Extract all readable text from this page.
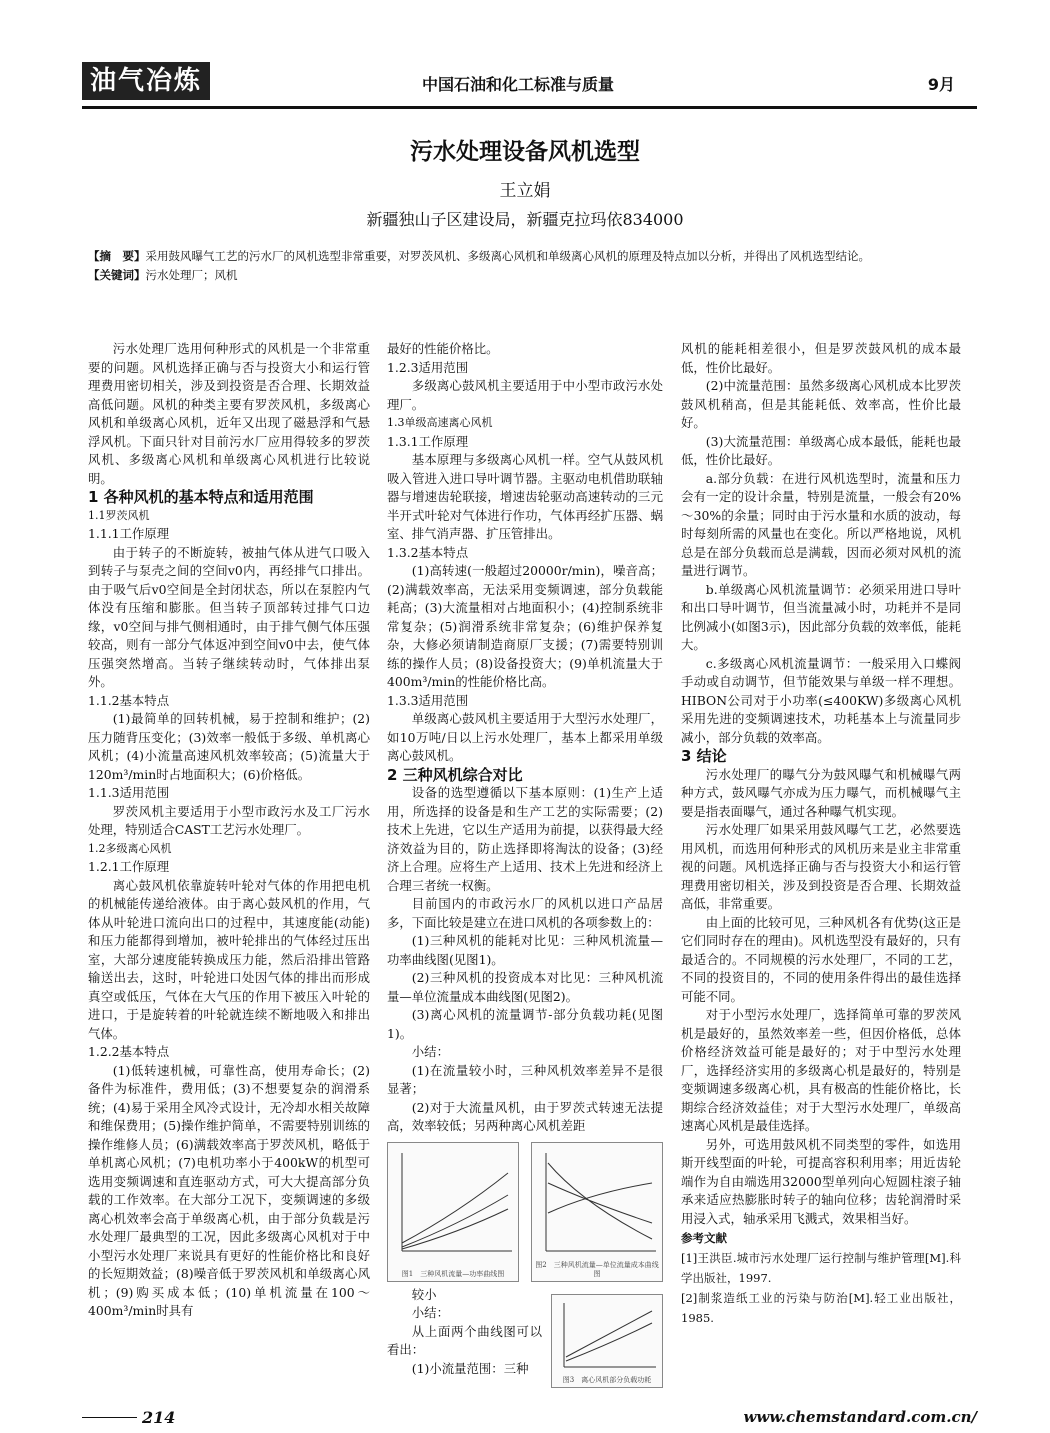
油气冶炼	中国石油和化工标准与质量	9月
污水处理设备风机选型
王立娟
新疆独山子区建设局，新疆克拉玛依834000
【摘　要】采用鼓风曝气工艺的污水厂的风机选型非常重要，对罗茨风机、多级离心风机和单级离心风机的原理及特点加以分析，并得出了风机选型结论。
【关键词】污水处理厂；风机

污水处理厂选用何种形式的风机是一个非常重要的问题。风机选择正确与否与投资大小和运行管理费用密切相关，涉及到投资是否合理、长期效益高低问题。风机的种类主要有罗茨风机，多级离心风机和单级离心风机，近年又出现了磁悬浮和气悬浮风机。下面只针对目前污水厂应用得较多的罗茨风机、多级离心风机和单级离心风机进行比较说明。

1 各种风机的基本特点和适用范围

1.1罗茨风机

1.1.1工作原理

由于转子的不断旋转，被抽气体从进气口吸入到转子与泵壳之间的空间v0内，再经排气口排出。由于吸气后v0空间是全封闭状态，所以在泵腔内气体没有压缩和膨胀。但当转子顶部转过排气口边缘，v0空间与排气侧相通时，由于排气侧气体压强较高，则有一部分气体返冲到空间v0中去，使气体压强突然增高。当转子继续转动时，气体排出泵外。

1.1.2基本特点

(1)最简单的回转机械，易于控制和维护；(2)压力随背压变化；(3)效率一般低于多级、单机离心风机；(4)小流量高速风机效率较高；(5)流量大于120m³/min时占地面积大；(6)价格低。

1.1.3适用范围

罗茨风机主要适用于小型市政污水及工厂污水处理，特别适合CAST工艺污水处理厂。

1.2多级离心风机

1.2.1工作原理

离心鼓风机依靠旋转叶轮对气体的作用把电机的机械能传递给液体。由于离心鼓风机的作用，气体从叶轮进口流向出口的过程中，其速度能(动能)和压力能都得到增加，被叶轮排出的气体经过压出室，大部分速度能转换成压力能，然后沿排出管路输送出去，这时，叶轮进口处因气体的排出而形成真空或低压，气体在大气压的作用下被压入叶轮的进口，于是旋转着的叶轮就连续不断地吸入和排出气体。

1.2.2基本特点

(1)低转速机械，可靠性高，使用寿命长；(2)备件为标准件，费用低；(3)不想要复杂的润滑系统；(4)易于采用全风冷式设计，无冷却水相关故障和维保费用；(5)操作维护简单，不需要特别训练的操作维修人员；(6)满载效率高于罗茨风机，略低于单机离心风机；(7)电机功率小于400kW的机型可选用变频调速和直连驱动方式，可大大提高部分负载的工作效率。在大部分工况下，变频调速的多级离心机效率会高于单级离心机，由于部分负载是污水处理厂最典型的工况，因此多级离心风机对于中小型污水处理厂来说具有更好的性能价格比和良好的长短期效益；(8)噪音低于罗茨风机和单级离心风机；(9)购买成本低；(10)单机流量在100～400m³/min时具有

最好的性能价格比。

1.2.3适用范围

多级离心鼓风机主要适用于中小型市政污水处理厂。

1.3单级高速离心风机

1.3.1工作原理

基本原理与多级离心风机一样。空气从鼓风机吸入管进入进口导叶调节器。主驱动电机借助联轴器与增速齿轮联接，增速齿轮驱动高速转动的三元半开式叶轮对气体进行作功，气体再经扩压器、蜗室、排气消声器、扩压管排出。

1.3.2基本特点

(1)高转速(一般超过20000r/min)，噪音高；(2)满载效率高，无法采用变频调速，部分负载能耗高；(3)大流量相对占地面积小；(4)控制系统非常复杂；(5)润滑系统非常复杂；(6)维护保养复杂，大修必须请制造商原厂支援；(7)需要特别训练的操作人员；(8)设备投资大；(9)单机流量大于400m³/min的性能价格比高。

1.3.3适用范围

单级离心鼓风机主要适用于大型污水处理厂，如10万吨/日以上污水处理厂，基本上都采用单级离心鼓风机。

2 三种风机综合对比

设备的选型遵循以下基本原则：(1)生产上适用，所选择的设备是和生产工艺的实际需要；(2)技术上先进，它以生产适用为前提，以获得最大经济效益为目的，防止选择即将淘汰的设备；(3)经济上合理。应将生产上适用、技术上先进和经济上合理三者统一权衡。

目前国内的市政污水厂的风机以进口产品居多，下面比较是建立在进口风机的各项参数上的：

(1)三种风机的能耗对比见：三种风机流量—功率曲线图(见图1)。

(2)三种风机的投资成本对比见：三种风机流量—单位流量成本曲线图(见图2)。

(3)离心风机的流量调节-部分负载功耗(见图1)。

小结：

(1)在流量较小时，三种风机效率差异不是很显著；

(2)对于大流量风机，由于罗茨式转速无法提高，效率较低；另两种离心风机差距

图1　三种风机流量—功率曲线图
图2　三种风机流量—单位流量成本曲线图

较小

小结：

从上面两个曲线图可以看出：

(1)小流量范围：三种

图3　离心风机部分负载功耗

风机的能耗相差很小，但是罗茨鼓风机的成本最低，性价比最好。

(2)中流量范围：虽然多级离心风机成本比罗茨鼓风机稍高，但是其能耗低、效率高，性价比最好。

(3)大流量范围：单级离心成本最低，能耗也最低，性价比最好。

a.部分负载：在进行风机选型时，流量和压力会有一定的设计余量，特别是流量，一般会有20%～30%的余量；同时由于污水量和水质的波动，每时每刻所需的风量也在变化。所以严格地说，风机总是在部分负载而总是满载，因而必须对风机的流量进行调节。

b.单级离心风机流量调节：必须采用进口导叶和出口导叶调节，但当流量减小时，功耗并不是同比例减小(如图3示)，因此部分负载的效率低，能耗大。

c.多级离心风机流量调节：一般采用入口蝶阀手动或自动调节，但节能效果与单级一样不理想。HIBON公司对于小功率(≤400KW)多级离心风机采用先进的变频调速技术，功耗基本上与流量同步减小，部分负载的效率高。

3 结论

污水处理厂的曝气分为鼓风曝气和机械曝气两种方式，鼓风曝气亦成为压力曝气，而机械曝气主要是指表面曝气，通过各种曝气机实现。

污水处理厂如果采用鼓风曝气工艺，必然要选用风机，而选用何种形式的风机历来是业主非常重视的问题。风机选择正确与否与投资大小和运行管理费用密切相关，涉及到投资是否合理、长期效益高低，非常重要。

由上面的比较可见，三种风机各有优势(这正是它们同时存在的理由)。风机选型没有最好的，只有最适合的。不同规模的污水处理厂，不同的工艺，不同的投资目的，不同的使用条件得出的最佳选择可能不同。

对于小型污水处理厂，选择简单可靠的罗茨风机是最好的，虽然效率差一些，但因价格低，总体价格经济效益可能是最好的；对于中型污水处理厂，选择经济实用的多级离心机是最好的，特别是变频调速多级离心机，具有极高的性能价格比，长期综合经济效益佳；对于大型污水处理厂，单级高速离心风机是最佳选择。

另外，可选用鼓风机不同类型的零件，如选用斯开线型面的叶轮，可提高容积利用率；用近齿轮端作为自由端选用32000型单列向心短圆柱滚子轴承来适应热膨胀时转子的轴向位移；齿轮润滑时采用浸入式，轴承采用飞溅式，效果相当好。

参考文献

[1]王洪臣.城市污水处理厂运行控制与维护管理[M].科学出版社，1997.

[2]制浆造纸工业的污染与防治[M].轻工业出版社，1985.

214	www.chemstandard.com.cn/
